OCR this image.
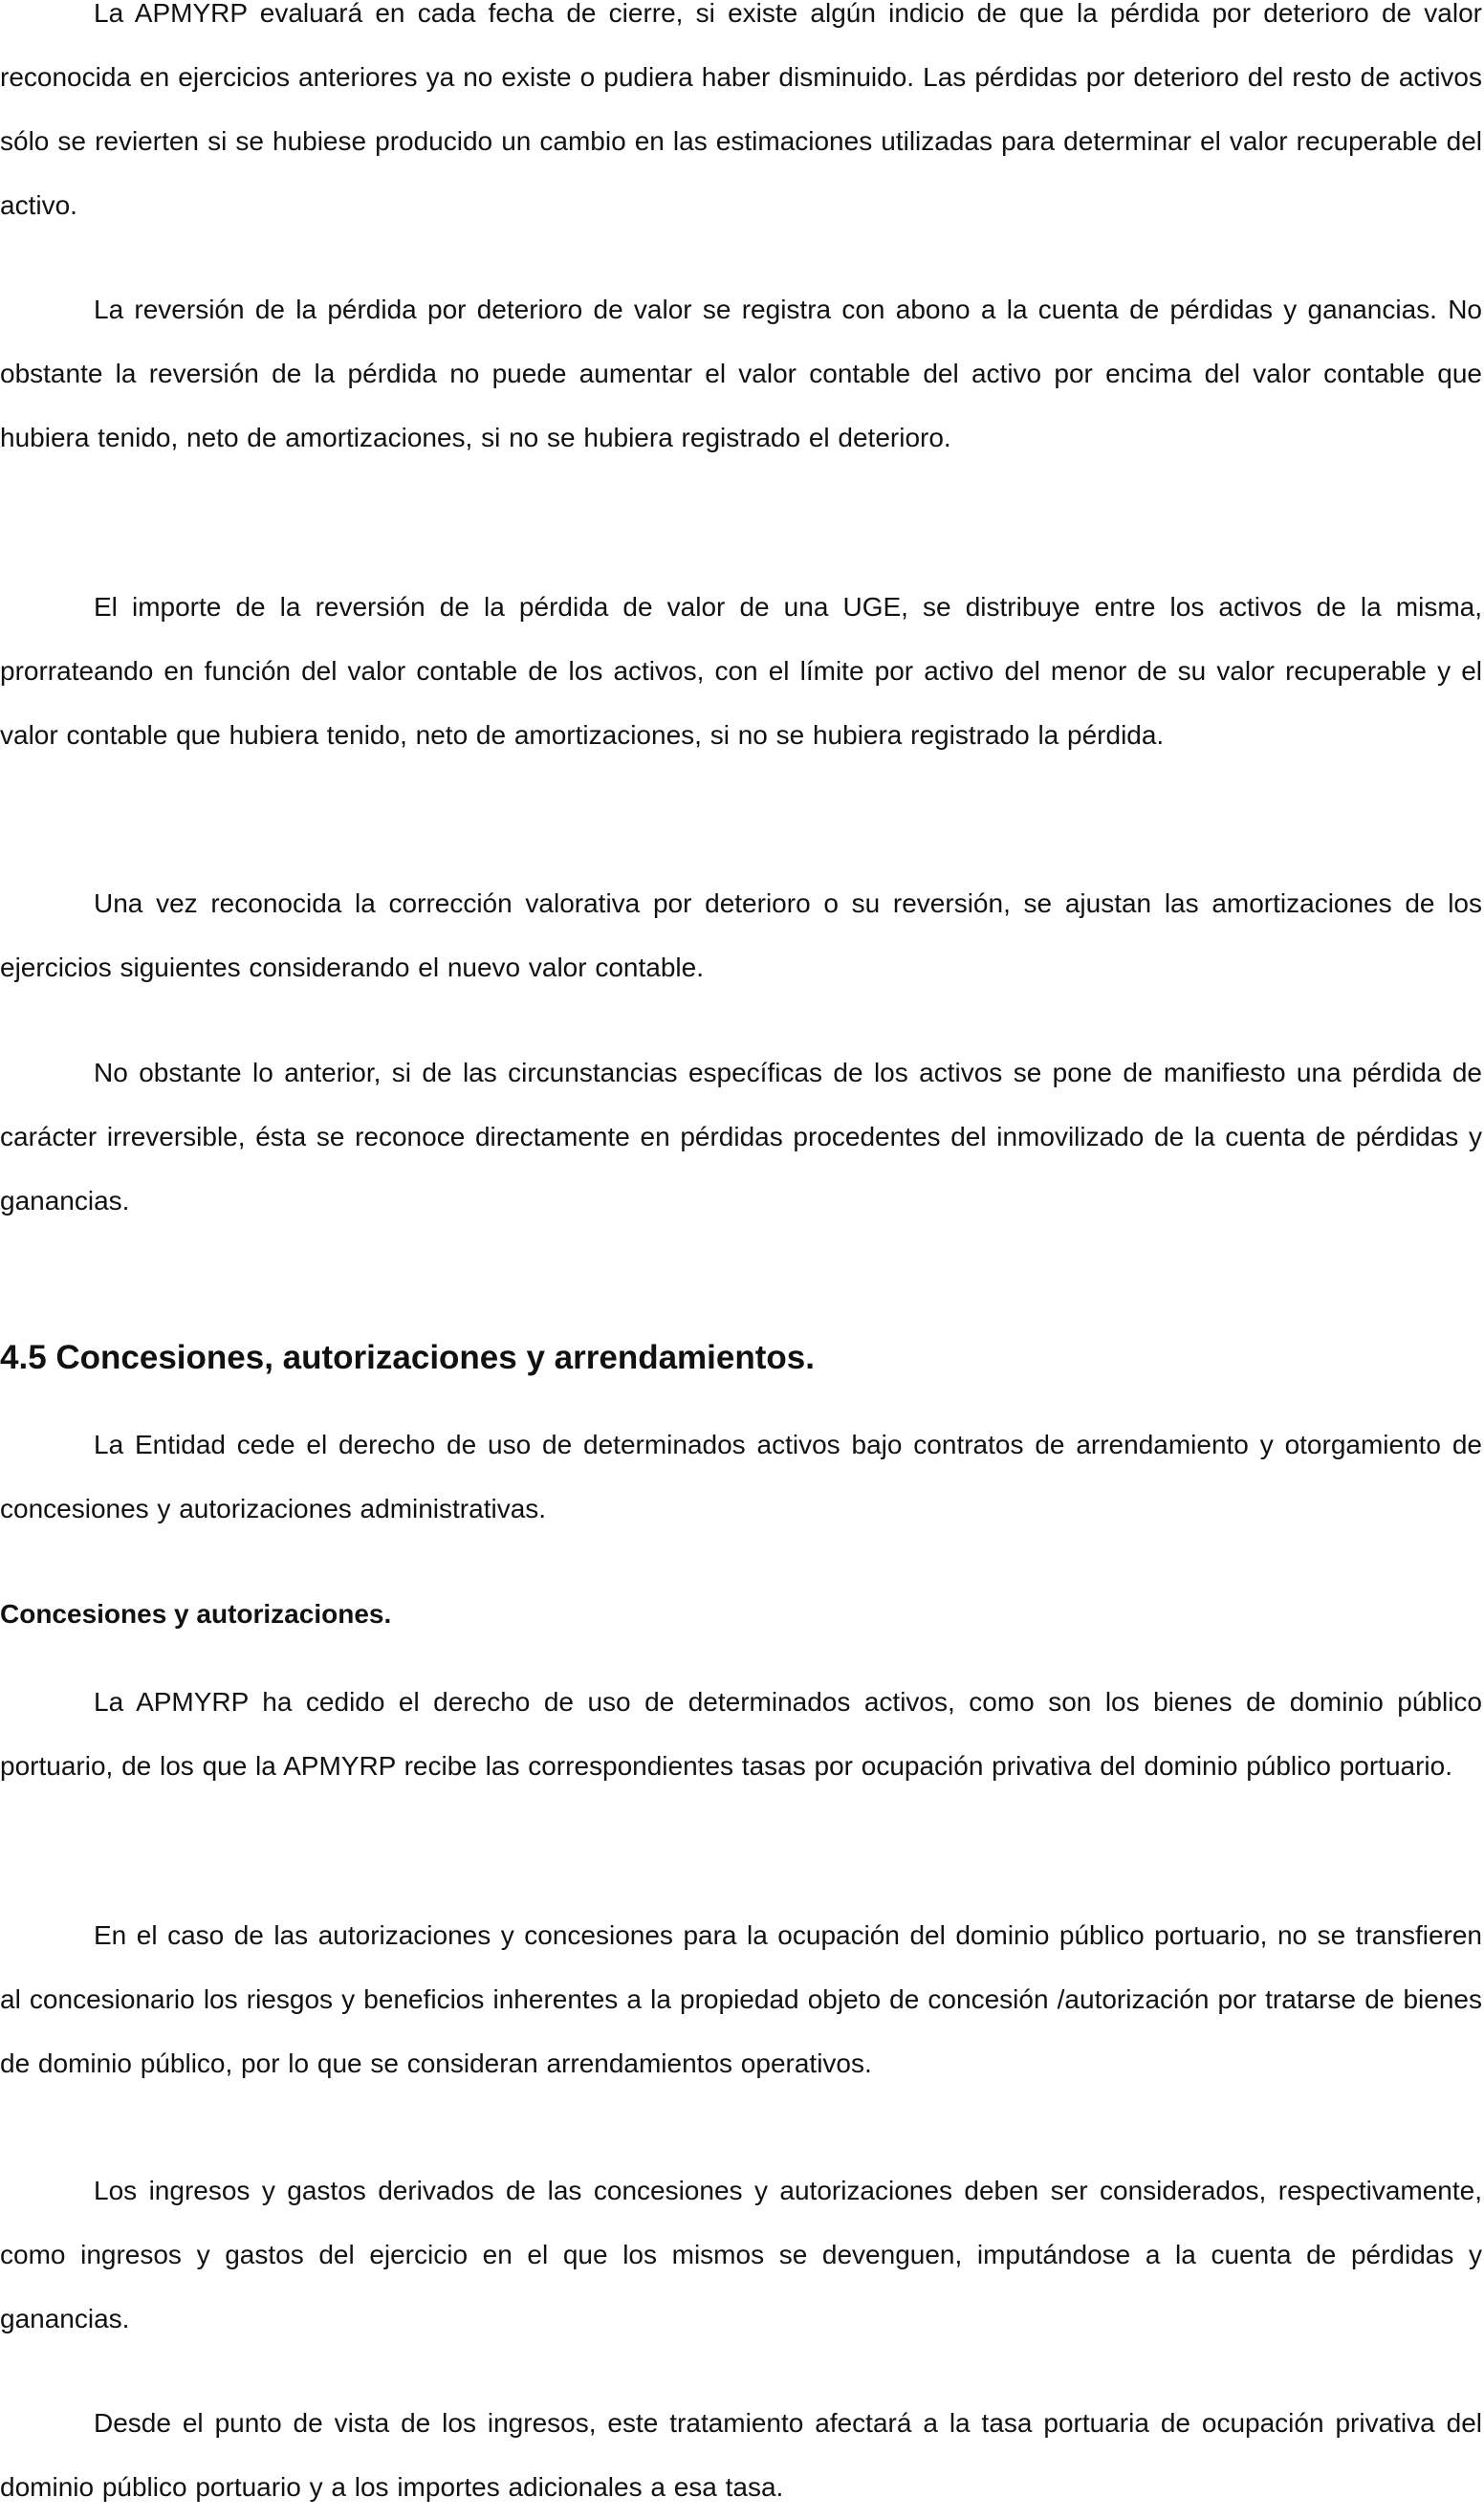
La APMYRP evaluará en cada fecha de cierre, si existe algún indicio de que la pérdida por deterioro de valor reconocida en ejercicios anteriores ya no existe o pudiera haber disminuido. Las pérdidas por deterioro del resto de activos sólo se revierten si se hubiese producido un cambio en las estimaciones utilizadas para determinar el valor recuperable del activo.

La reversión de la pérdida por deterioro de valor se registra con abono a la cuenta de pérdidas y ganancias. No obstante la reversión de la pérdida no puede aumentar el valor contable del activo por encima del valor contable que hubiera tenido, neto de amortizaciones, si no se hubiera registrado el deterioro.

El importe de la reversión de la pérdida de valor de una UGE, se distribuye entre los activos de la misma, prorrateando en función del valor contable de los activos, con el límite por activo del menor de su valor recuperable y el valor contable que hubiera tenido, neto de amortizaciones, si no se hubiera registrado la pérdida.

Una vez reconocida la corrección valorativa por deterioro o su reversión, se ajustan las amortizaciones de los ejercicios siguientes considerando el nuevo valor contable.

No obstante lo anterior, si de las circunstancias específicas de los activos se pone de manifiesto una pérdida de carácter irreversible, ésta se reconoce directamente en pérdidas procedentes del inmovilizado de la cuenta de pérdidas y ganancias.

4.5 Concesiones, autorizaciones y arrendamientos.

La Entidad cede el derecho de uso de determinados activos bajo contratos de arrendamiento y otorgamiento de concesiones y autorizaciones administrativas.

Concesiones y autorizaciones.

La APMYRP ha cedido el derecho de uso de determinados activos, como son los bienes de dominio público portuario, de los que la APMYRP recibe las correspondientes tasas por ocupación privativa del dominio público portuario.

En el caso de las autorizaciones y concesiones para la ocupación del dominio público portuario, no se transfieren al concesionario los riesgos y beneficios inherentes a la propiedad objeto de concesión /autorización por tratarse de bienes de dominio público, por lo que se consideran arrendamientos operativos.

Los ingresos y gastos derivados de las concesiones y autorizaciones deben ser considerados, respectivamente, como ingresos y gastos del ejercicio en el que los mismos se devenguen, imputándose a la cuenta de pérdidas y ganancias.

Desde el punto de vista de los ingresos, este tratamiento afectará a la tasa portuaria de ocupación privativa del dominio público portuario y a los importes adicionales a esa tasa.
